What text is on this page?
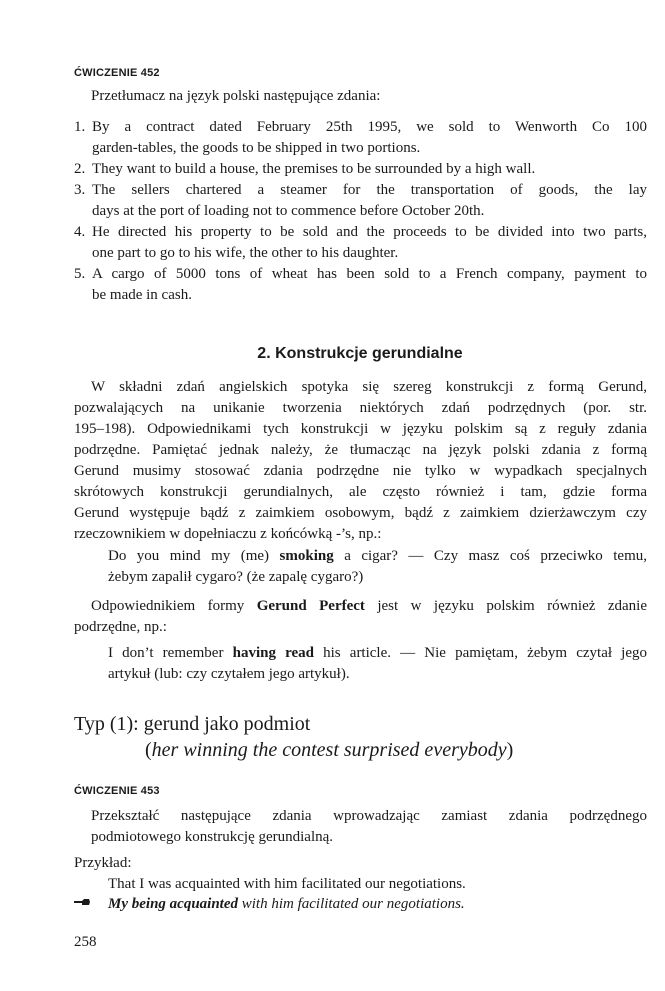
ĆWICZENIE 452
Przetłumacz na język polski następujące zdania:
1. By a contract dated February 25th 1995, we sold to Wenworth Co 100
garden-tables, the goods to be shipped in two portions.
2. They want to build a house, the premises to be surrounded by a high wall.
3. The sellers chartered a steamer for the transportation of goods, the lay
days at the port of loading not to commence before October 20th.
4. He directed his property to be sold and the proceeds to be divided into two parts,
one part to go to his wife, the other to his daughter.
5. A cargo of 5000 tons of wheat has been sold to a French company, payment to
be made in cash.
2. Konstrukcje gerundialne
W składni zdań angielskich spotyka się szereg konstrukcji z formą Gerund,
pozwalających na unikanie tworzenia niektórych zdań podrzędnych (por. str.
195–198). Odpowiednikami tych konstrukcji w języku polskim są z reguły zdania
podrzędne. Pamiętać jednak należy, że tłumacząc na język polski zdania z formą
Gerund musimy stosować zdania podrzędne nie tylko w wypadkach specjalnych
skrótowych konstrukcji gerundialnych, ale często również i tam, gdzie forma
Gerund występuje bądź z zaimkiem osobowym, bądź z zaimkiem dzierżawczym czy
rzeczownikiem w dopełniaczu z końcówką -’s, np.:
Do you mind my (me) smoking a cigar? — Czy masz coś przeciwko temu,
żebym zapalił cygaro? (że zapalę cygaro?)
Odpowiednikiem formy Gerund Perfect jest w języku polskim również zdanie
podrzędne, np.:
I don’t remember having read his article. — Nie pamiętam, żebym czytał jego
artykuł (lub: czy czytałem jego artykuł).
Typ (1): gerund jako podmiot
(her winning the contest surprised everybody)
ĆWICZENIE 453
Przekształć następujące zdania wprowadzając zamiast zdania podrzędnego
podmiotowego konstrukcję gerundialną.
Przykład:
That I was acquainted with him facilitated our negotiations.
My being acquainted with him facilitated our negotiations.
258
